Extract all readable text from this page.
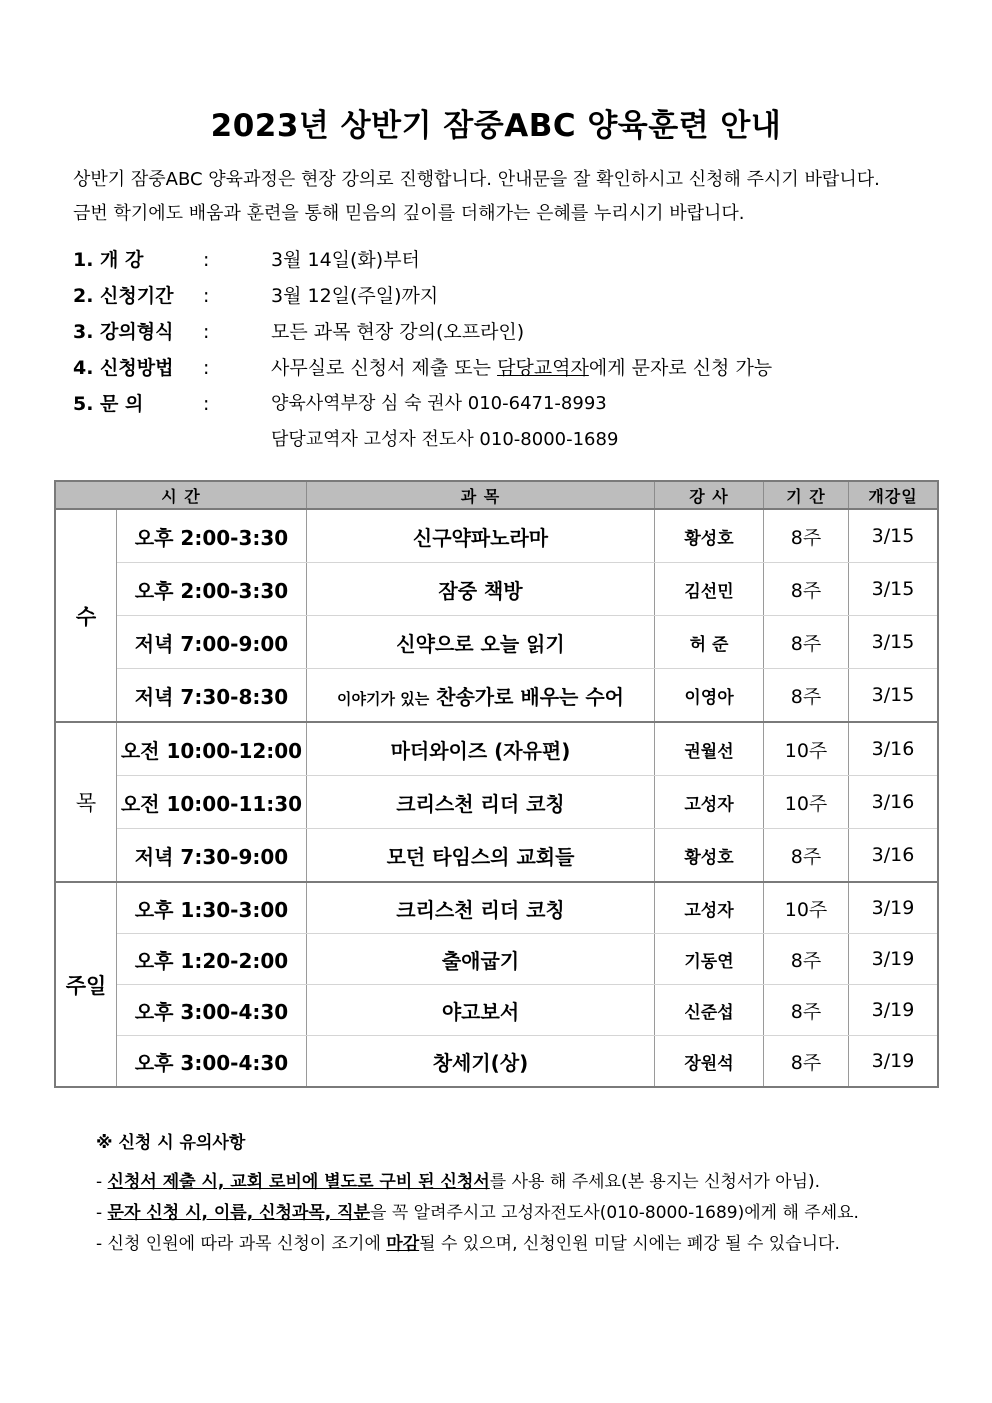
2023년 상반기 잠중ABC 양육훈련 안내

상반기 잠중ABC 양육과정은 현장 강의로 진행합니다. 안내문을 잘 확인하시고 신청해 주시기 바랍니다.

금번 학기에도 배움과 훈련을 통해 믿음의 깊이를 더해가는 은혜를 누리시기 바랍니다.

1. 개 강	:	3월 14일(화)부터
2. 신청기간 :	3월 12일(주일)까지
3. 강의형식 :	모든 과목 현장 강의(오프라인)
4. 신청방법 :	사무실로 신청서 제출 또는 담당교역자에게 문자로 신청 가능
5. 문 의	:	양육사역부장 심 숙 권사 010-6471-8993
담당교역자 고성자 전도사 010-8000-1689
시 간		과 목	강 사	기 간	개강일
수	오후 2:00-3:30	신구약파노라마	황성호	8주	3/15
	오후 2:00-3:30	잠중 책방	김선민	8주	3/15
	저녁 7:00-9:00	신약으로 오늘 읽기	허 준	8주	3/15
	저녁 7:30-8:30	이야기가 있는 찬송가로 배우는 수어	이영아	8주	3/15
목	오전 10:00-12:00	마더와이즈 (자유편)	권월선	10주	3/16
	오전 10:00-11:30	크리스천 리더 코칭	고성자	10주	3/16
	저녁 7:30-9:00	모던 타임스의 교회들	황성호	8주	3/16
주일	오후 1:30-3:00	크리스천 리더 코칭	고성자	10주	3/19
	오후 1:20-2:00	출애굽기	기동연	8주	3/19
	오후 3:00-4:30	야고보서	신준섭	8주	3/19
	오후 3:00-4:30	창세기(상)	장원석	8주	3/19
※ 신청 시 유의사항

- 신청서 제출 시, 교회 로비에 별도로 구비 된 신청서를 사용 해 주세요(본 용지는 신청서가 아님).

- 문자 신청 시, 이름, 신청과목, 직분을 꼭 알려주시고 고성자전도사(010-8000-1689)에게 해 주세요.

- 신청 인원에 따라 과목 신청이 조기에 마감될 수 있으며, 신청인원 미달 시에는 폐강 될 수 있습니다.
